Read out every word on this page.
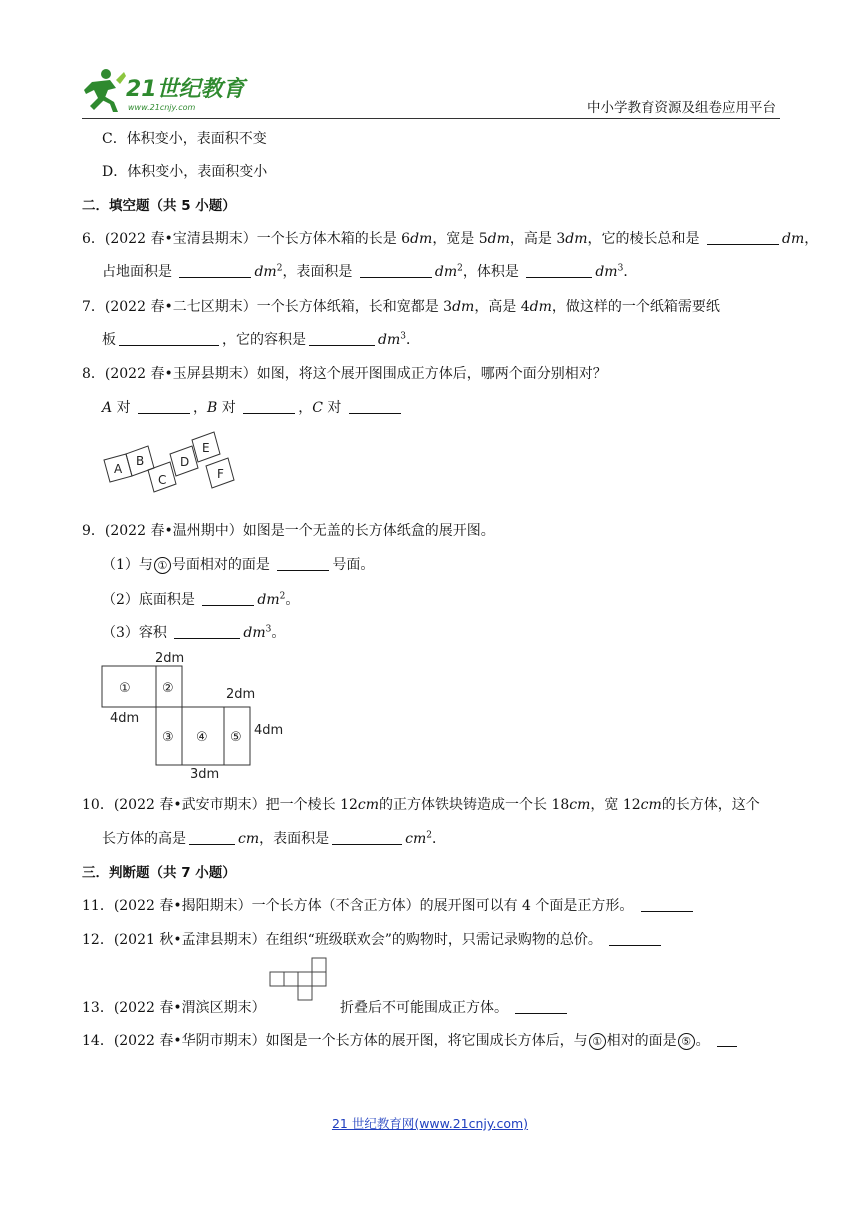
21世纪教育
www.21cnjy.com	中小学教育资源及组卷应用平台
C．体积变小，表面积不变
D．体积变小，表面积变小
二．填空题（共 5 小题）
6．(2022 春•宝清县期末）一个长方体木箱的长是 6dm，宽是 5dm，高是 3dm，它的棱长总和是	dm，
占地面积是	$dm^2$，表面积是	$dm^2$，体积是	$dm^3$．
7．(2022 春•二七区期末）一个长方体纸箱，长和宽都是 3dm，高是 4dm，做这样的一个纸箱需要纸
板	，它的容积是	$dm^3$．
8．(2022 春•玉屏县期末）如图，将这个展开图围成正方体后，哪两个面分别相对？
A 对	，B 对	，C 对
A
B
C
D
E
F
9．(2022 春•温州期中）如图是一个无盖的长方体纸盒的展开图。
（1）与 ① 号面相对的面是	号面。
（2）底面积是	$dm^2$。
（3）容积	$dm^3$。
① ②
③ ④ ⑤
2dm
4dm
2dm
4dm
3dm
10．(2022 春•武安市期末）把一个棱长 12cm的正方体铁块铸造成一个长 18cm，宽 12cm的长方体，这个
长方体的高是	cm，表面积是	$cm^2$．
三．判断题（共 7 小题）
11．(2022 春•揭阳期末）一个长方体（不含正方体）的展开图可以有 4 个面是正方形。
12．(2021 秋•孟津县期末）在组织“班级联欢会”的购物时，只需记录购物的总价。
13．(2022 春•渭滨区期末）	折叠后不可能围成正方体。
14．(2022 春•华阴市期末）如图是一个长方体的展开图，将它围成长方体后，与 ① 相对的面是 ⑤ 。
21 世纪教育网(www.21cnjy.com)
